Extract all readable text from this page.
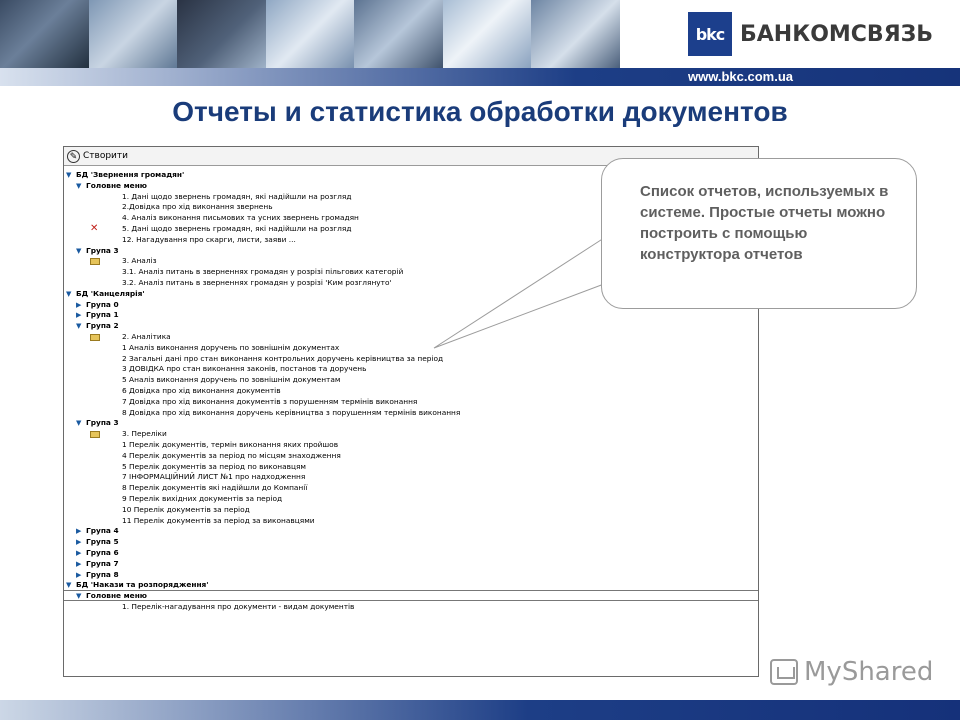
bkc БАНКОМСВЯЗЬ
www.bkc.com.ua
Отчеты и статистика обработки документов
✎ Створити
▼ БД 'Звернення громадян'
▼ Головне меню
1. Дані щодо звернень громадян, які надійшли на розгляд
2.Довідка про хід виконання звернень
4. Аналіз виконання письмових та усних звернень громадян
✕	5. Дані щодо звернень громадян, які надійшли на розгляд
12. Нагадування про скарги, листи, заяви ...
▼ Група 3
3. Аналіз
3.1. Аналіз питань в зверненнях громадян у розрізі пільгових категорій
3.2. Аналіз питань в зверненнях громадян у розрізі 'Ким розглянуто'
▼ БД 'Канцелярія'
▶ Група 0
▶ Група 1
▼ Група 2
2. Аналітика
1 Аналіз виконання доручень по зовнішнім документах
2 Загальні дані про стан виконання контрольних доручень керівництва за період
3 ДОВІДКА про стан виконання законів, постанов та доручень
5 Аналіз виконання доручень по зовнішнім документам
6 Довідка про хід виконання документів
7 Довідка про хід виконання документів з порушенням термінів виконання
8 Довідка про хід виконання доручень керівництва з порушенням термінів виконання
▼ Група 3
3. Переліки
1 Перелік документів, термін виконання яких пройшов
4 Перелік документів за період по місцям знаходження
5 Перелік документів за період по виконавцям
7 ІНФОРМАЦІЙНИЙ ЛИСТ №1 про надходження
8 Перелік документів які надійшли до Компанії
9 Перелік вихідних документів за період
10 Перелік документів за період
11 Перелік документів за період за виконавцями
▶ Група 4
▶ Група 5
▶ Група 6
▶ Група 7
▶ Група 8
▼ БД 'Накази та розпорядження'
▼ Головне меню
1. Перелік-нагадування про документи - видам документів
Список отчетов, используемых в системе. Простые отчеты можно построить с помощью конструктора отчетов
MyShared
